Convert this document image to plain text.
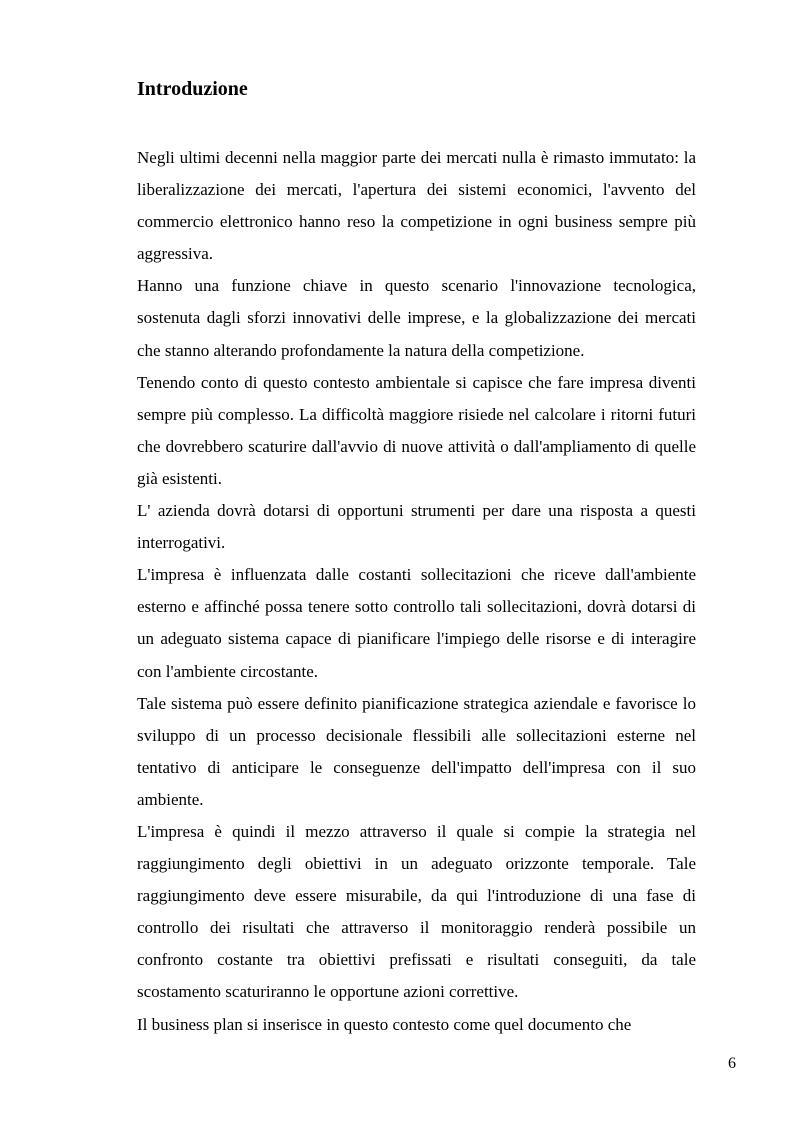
Introduzione

Negli ultimi decenni nella maggior parte dei mercati nulla è rimasto immutato: la liberalizzazione dei mercati, l'apertura dei sistemi economici, l'avvento del commercio elettronico hanno reso la competizione in ogni business sempre più aggressiva.

Hanno una funzione chiave in questo scenario l'innovazione tecnologica, sostenuta dagli sforzi innovativi delle imprese, e la globalizzazione dei mercati che stanno alterando profondamente la natura della competizione.

Tenendo conto di questo contesto ambientale si capisce che fare impresa diventi sempre più complesso. La difficoltà maggiore risiede nel calcolare i ritorni futuri che dovrebbero scaturire dall'avvio di nuove attività o dall'ampliamento di quelle già esistenti.

L' azienda dovrà dotarsi di opportuni strumenti per dare una risposta a questi interrogativi.

L'impresa è influenzata dalle costanti sollecitazioni che riceve dall'ambiente esterno e affinché possa tenere sotto controllo tali sollecitazioni, dovrà dotarsi di un adeguato sistema capace di pianificare l'impiego delle risorse e di interagire con l'ambiente circostante.

Tale sistema può essere definito pianificazione strategica aziendale e favorisce lo sviluppo di un processo decisionale flessibili alle sollecitazioni esterne nel tentativo di anticipare le conseguenze dell'impatto dell'impresa con il suo ambiente.

L'impresa è quindi il mezzo attraverso il quale si compie la strategia nel raggiungimento degli obiettivi in un adeguato orizzonte temporale. Tale raggiungimento deve essere misurabile, da qui l'introduzione di una fase di controllo dei risultati che attraverso il monitoraggio renderà possibile un confronto costante tra obiettivi prefissati e risultati conseguiti, da tale scostamento scaturiranno le opportune azioni correttive.

Il business plan si inserisce in questo contesto come quel documento che

6
